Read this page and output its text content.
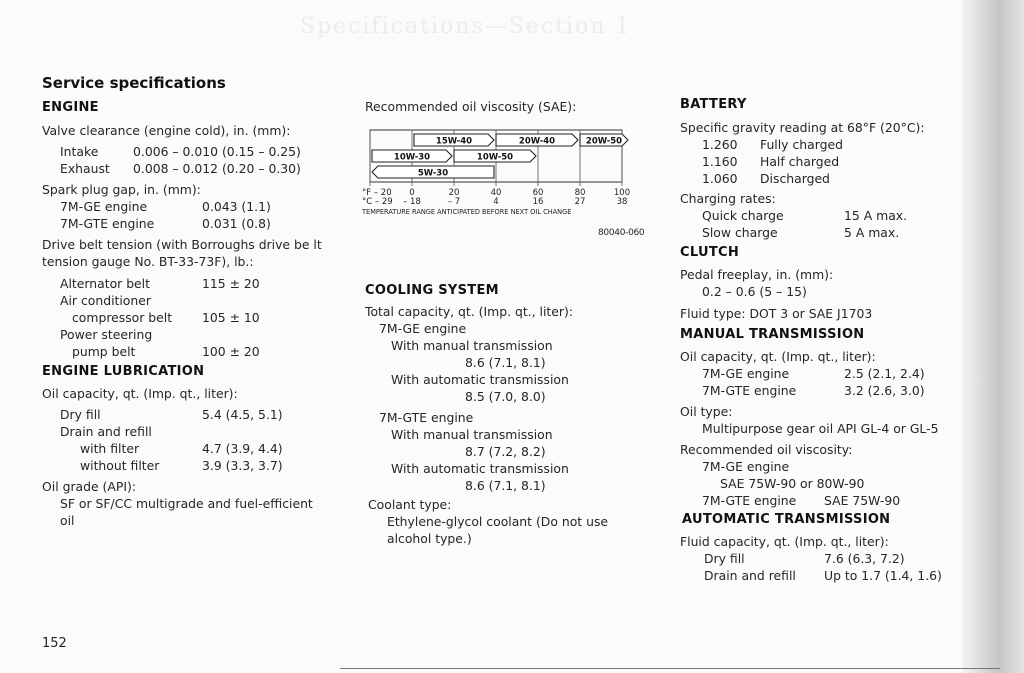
Specifications—Section 1
Service specifications
ENGINE
Valve clearance (engine cold), in. (mm):
Intake	0.006 – 0.010 (0.15 – 0.25)
Exhaust 0.008 – 0.012 (0.20 – 0.30)
Spark plug gap, in. (mm):
7M-GE engine	0.043 (1.1)
7M-GTE engine	0.031 (0.8)
Drive belt tension (with Borroughs drive be lt
tension gauge No. BT-33-73F), lb.:
Alternator belt	115 ± 20
Air conditioner
compressor belt 105 ± 10
Power steering
pump belt	100 ± 20
ENGINE LUBRICATION
Oil capacity, qt. (Imp. qt., liter):
Dry fill	5.4 (4.5, 5.1)
Drain and refill
with filter	4.7 (3.9, 4.4)
without filter	3.9 (3.3, 3.7)
Oil grade (API):
SF or SF/CC multigrade and fuel-efficient
oil
Recommended oil viscosity (SAE):
15W-40	20W-40	20W-50
10W-30	10W-50
5W-30
°F – 20 0	20	40	60	80	100
°C – 29 – 18	– 7	4	16	27	38
TEMPERATURE RANGE ANTICIPATED BEFORE NEXT OIL CHANGE
80040-060
COOLING SYSTEM
Total capacity, qt. (Imp. qt., liter):
7M-GE engine
With manual transmission
8.6 (7.1, 8.1)
With automatic transmission
8.5 (7.0, 8.0)
7M-GTE engine
With manual transmission
8.7 (7.2, 8.2)
With automatic transmission
8.6 (7.1, 8.1)
Coolant type:
Ethylene-glycol coolant (Do not use
alcohol type.)
BATTERY
Specific gravity reading at 68°F (20°C):
1.260 Fully charged
1.160 Half charged
1.060 Discharged
Charging rates:
Quick charge	15 A max.
Slow charge	5 A max.
CLUTCH
Pedal freeplay, in. (mm):
0.2 – 0.6 (5 – 15)
Fluid type: DOT 3 or SAE J1703
MANUAL TRANSMISSION
Oil capacity, qt. (Imp. qt., liter):
7M-GE engine	2.5 (2.1, 2.4)
7M-GTE engine	3.2 (2.6, 3.0)
Oil type:
Multipurpose gear oil API GL-4 or GL-5
Recommended oil viscosity:
7M-GE engine
SAE 75W-90 or 80W-90
7M-GTE engine SAE 75W-90
AUTOMATIC TRANSMISSION
Fluid capacity, qt. (Imp. qt., liter):
Dry fill	7.6 (6.3, 7.2)
Drain and refill Up to 1.7 (1.4, 1.6)
152
